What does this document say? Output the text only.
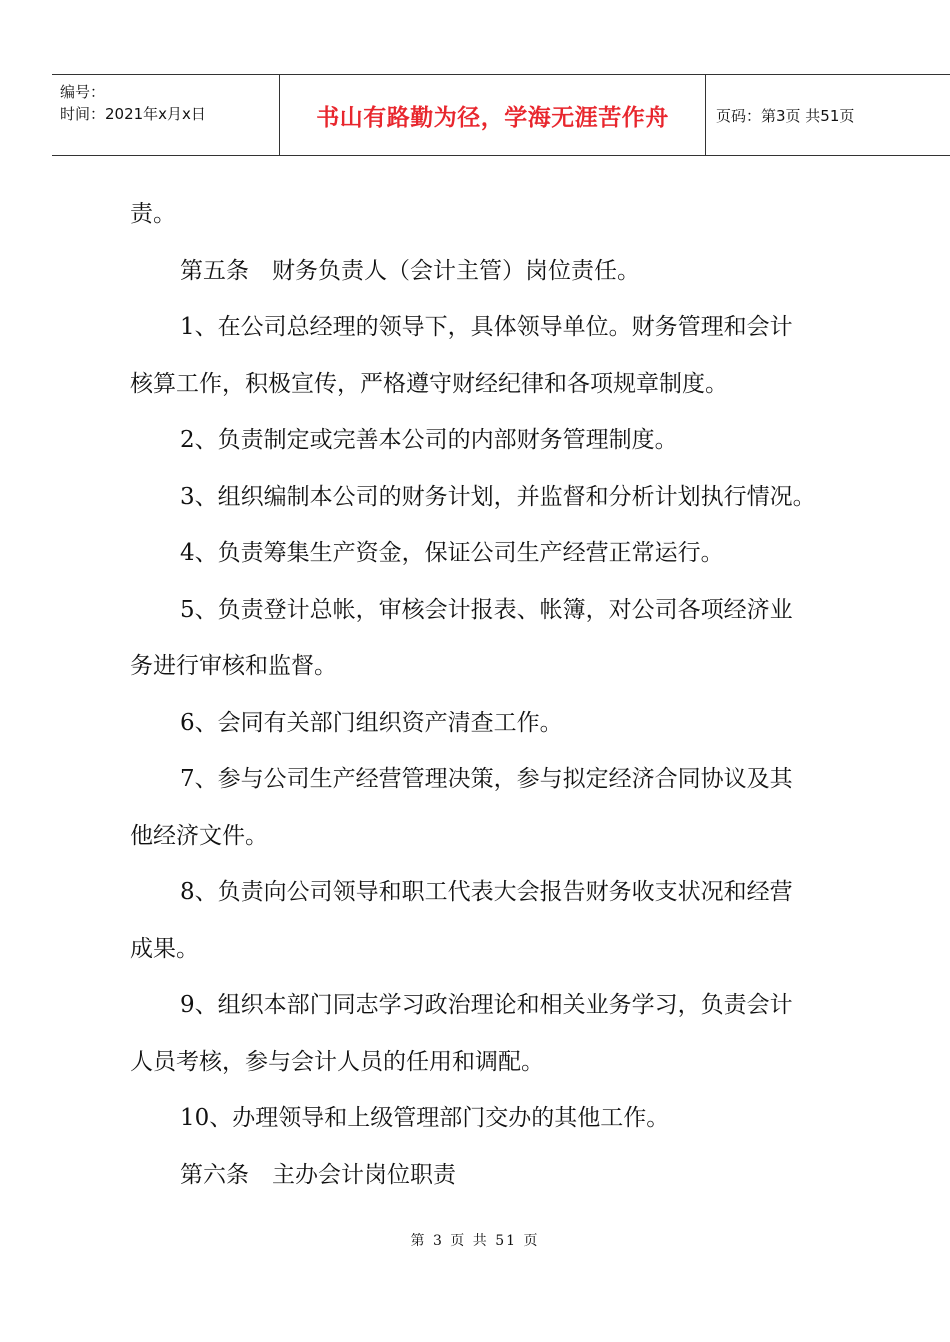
编号：
时间：2021年x月x日	书山有路勤为径，学海无涯苦作舟	页码：第3页 共51页

责。

第五条　财务负责人（会计主管）岗位责任。

1、在公司总经理的领导下，具体领导单位。财务管理和会计

核算工作，积极宣传，严格遵守财经纪律和各项规章制度。

2、负责制定或完善本公司的内部财务管理制度。

3、组织编制本公司的财务计划，并监督和分析计划执行情况。

4、负责筹集生产资金，保证公司生产经营正常运行。

5、负责登计总帐，审核会计报表、帐簿，对公司各项经济业

务进行审核和监督。

6、会同有关部门组织资产清查工作。

7、参与公司生产经营管理决策，参与拟定经济合同协议及其

他经济文件。

8、负责向公司领导和职工代表大会报告财务收支状况和经营

成果。

9、组织本部门同志学习政治理论和相关业务学习，负责会计

人员考核，参与会计人员的任用和调配。

10、办理领导和上级管理部门交办的其他工作。

第六条　主办会计岗位职责

第 3 页 共 51 页
